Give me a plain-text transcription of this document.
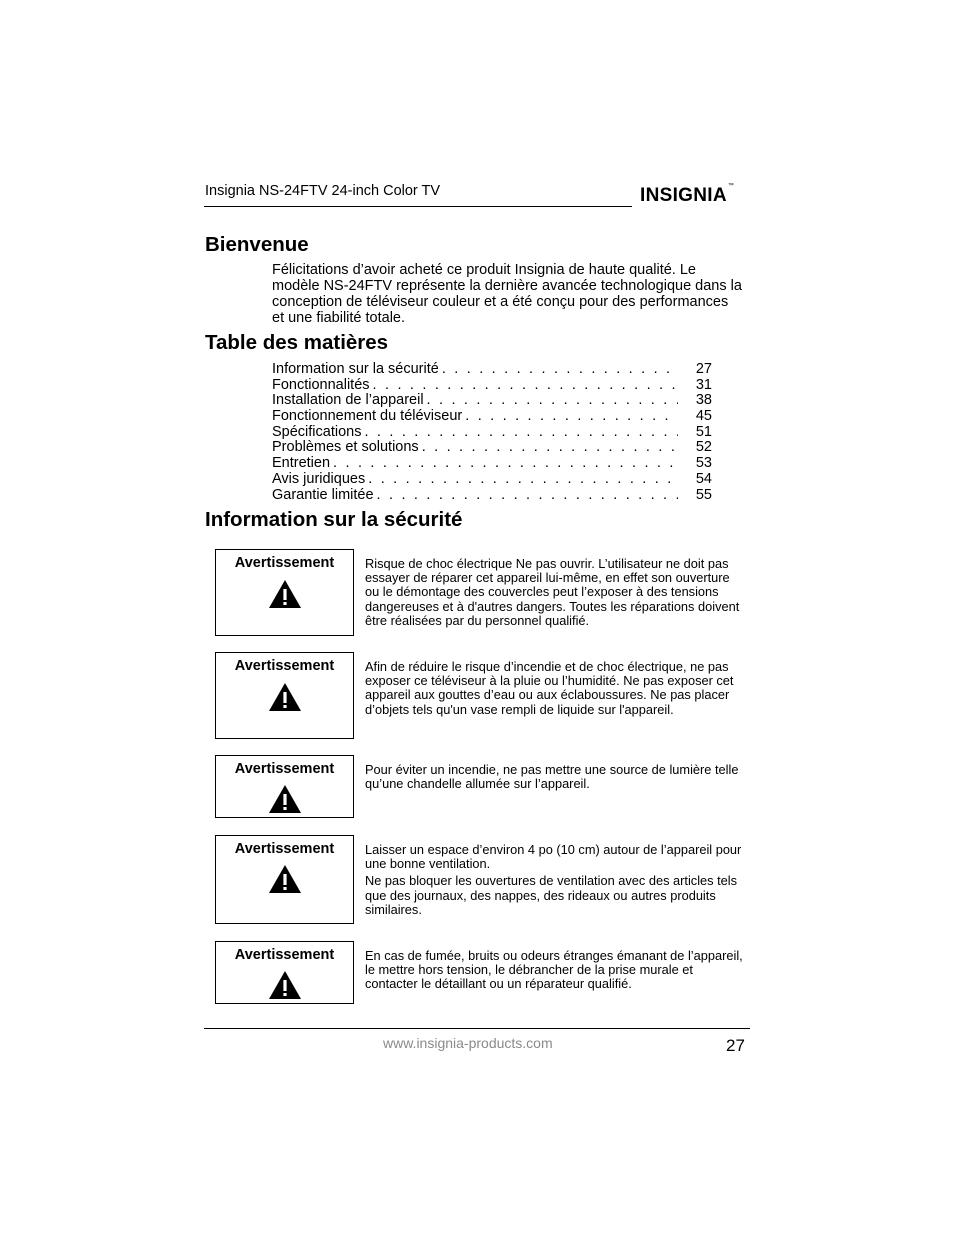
Insignia NS-24FTV 24-inch Color TV	INSIGNIA™
Bienvenue
Félicitations d’avoir acheté ce produit Insignia de haute qualité. Le modèle NS-24FTV représente la dernière avancée technologique dans la conception de téléviseur couleur et a été conçu pour des performances et une fiabilité totale.
Table des matières
Information sur la sécurité . . .	27
Fonctionnalités . . .	31
Installation de l’appareil . . .	38
Fonctionnement du téléviseur . . .	45
Spécifications . . .	51
Problèmes et solutions . . .	52
Entretien . . .	53
Avis juridiques . . .	54
Garantie limitée . . .	55
Information sur la sécurité
Avertissement	Risque de choc électrique Ne pas ouvrir. L’utilisateur ne doit pas essayer de réparer cet appareil lui-même, en effet son ouverture ou le démontage des couvercles peut l’exposer à des tensions dangereuses et à d'autres dangers. Toutes les réparations doivent être réalisées par du personnel qualifié.

Avertissement	Afin de réduire le risque d’incendie et de choc électrique, ne pas exposer ce téléviseur à la pluie ou l’humidité. Ne pas exposer cet appareil aux gouttes d’eau ou aux éclaboussures. Ne pas placer d’objets tels qu'un vase rempli de liquide sur l'appareil.

Avertissement	Pour éviter un incendie, ne pas mettre une source de lumière telle qu’une chandelle allumée sur l’appareil.

Avertissement	Laisser un espace d’environ 4 po (10 cm) autour de l’appareil pour une bonne ventilation.

Ne pas bloquer les ouvertures de ventilation avec des articles tels que des journaux, des nappes, des rideaux ou autres produits similaires.

Avertissement	En cas de fumée, bruits ou odeurs étranges émanant de l’appareil, le mettre hors tension, le débrancher de la prise murale et contacter le détaillant ou un réparateur qualifié.

www.insignia-products.com	27
